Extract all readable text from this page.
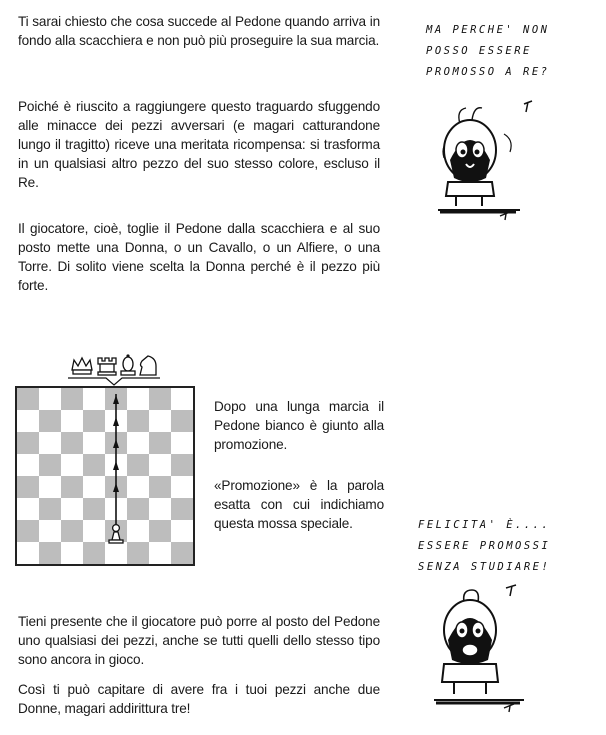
Ti sarai chiesto che cosa succede al Pedone quando arriva in fondo alla scacchiera e non può più proseguire la sua marcia.

Poiché è riuscito a raggiungere questo traguardo sfuggendo alle minacce dei pezzi avversari (e magari catturandone lungo il tragitto) riceve una meritata ricompensa: si trasforma in un qualsiasi altro pezzo del suo stesso colore, escluso il Re.

Il giocatore, cioè, toglie il Pedone dalla scacchiera e al suo posto mette una Donna, o un Cavallo, o un Alfiere, o una Torre. Di solito viene scelta la Donna perché è il pezzo più forte.

Dopo una lunga marcia il Pedone bianco è giunto alla promozione.

«Promozione» è la parola esatta con cui indichiamo questa mossa speciale.

Tieni presente che il giocatore può porre al posto del Pedone uno qualsiasi dei pezzi, anche se tutti quelli dello stesso tipo sono ancora in gioco.

Così ti può capitare di avere fra i tuoi pezzi anche due Donne, magari addirittura tre!

MA PERCHE' NON
POSSO ESSERE
PROMOSSO A RE?
FELICITA' È....
ESSERE PROMOSSI
SENZA STUDIARE!
